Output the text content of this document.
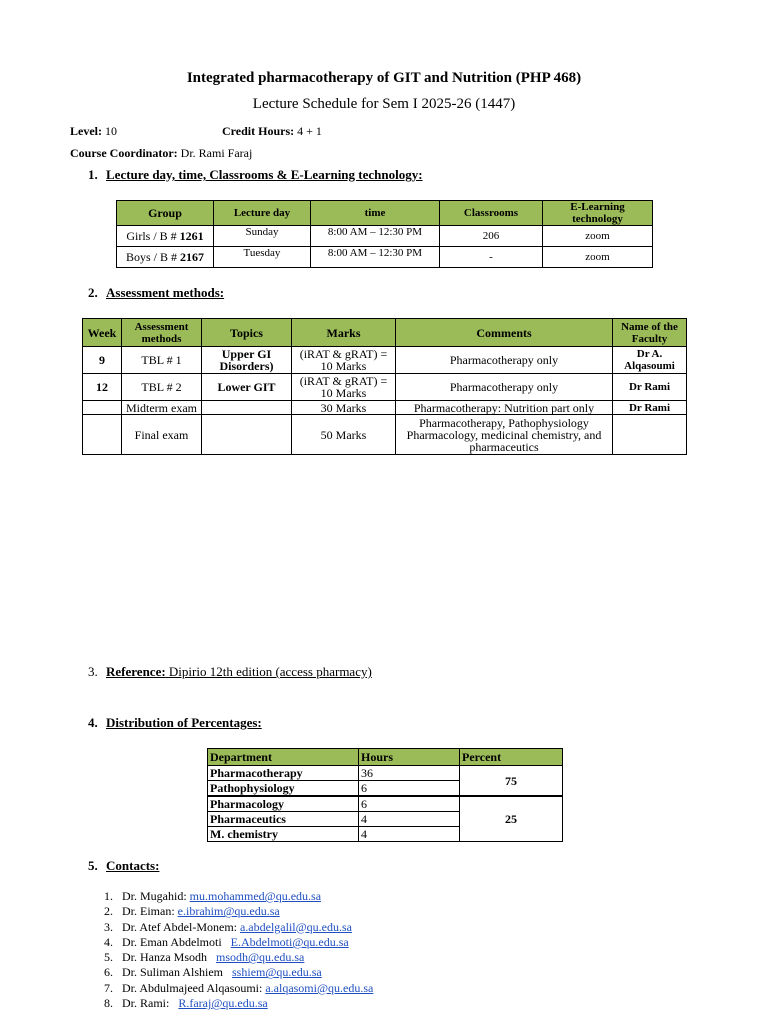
Integrated pharmacotherapy of GIT and Nutrition (PHP 468)
Lecture Schedule for Sem I 2025-26 (1447)
Level: 10	Credit Hours: 4 + 1
Course Coordinator: Dr. Rami Faraj
1. Lecture day, time, Classrooms & E-Learning technology:
Group	Lecture day	time	Classrooms	E-Learning technology
Girls / B # 1261	Sunday	8:00 AM – 12:30 PM	206	zoom
Boys / B # 2167	Tuesday	8:00 AM – 12:30 PM	-	zoom
2. Assessment methods:
Week	Assessment methods	Topics	Marks	Comments	Name of the Faculty
9	TBL # 1	Upper GI Disorders)	(iRAT & gRAT) = 10 Marks	Pharmacotherapy only	Dr A. Alqasoumi
12	TBL # 2	Lower GIT	(iRAT & gRAT) = 10 Marks	Pharmacotherapy only	Dr Rami
	Midterm exam		30 Marks	Pharmacotherapy: Nutrition part only	Dr Rami
	Final exam		50 Marks	Pharmacotherapy, Pathophysiology Pharmacology, medicinal chemistry, and pharmaceutics	
3. Reference: Dipirio 12th edition (access pharmacy)
4. Distribution of Percentages:
Department	Hours	Percent
Pharmacotherapy	36	75
Pathophysiology	6	
Pharmacology	6	25
Pharmaceutics	4	
M. chemistry	4	
5. Contacts:
1. Dr. Mugahid: mu.mohammed@qu.edu.sa
2. Dr. Eiman: e.ibrahim@qu.edu.sa
3. Dr. Atef Abdel-Monem: a.abdelgalil@qu.edu.sa
4. Dr. Eman Abdelmoti E.Abdelmoti@qu.edu.sa
5. Dr. Hanza Msodh msodh@qu.edu.sa
6. Dr. Suliman Alshiem sshiem@qu.edu.sa
7. Dr. Abdulmajeed Alqasoumi: a.alqasomi@qu.edu.sa
8. Dr. Rami: R.faraj@qu.edu.sa
